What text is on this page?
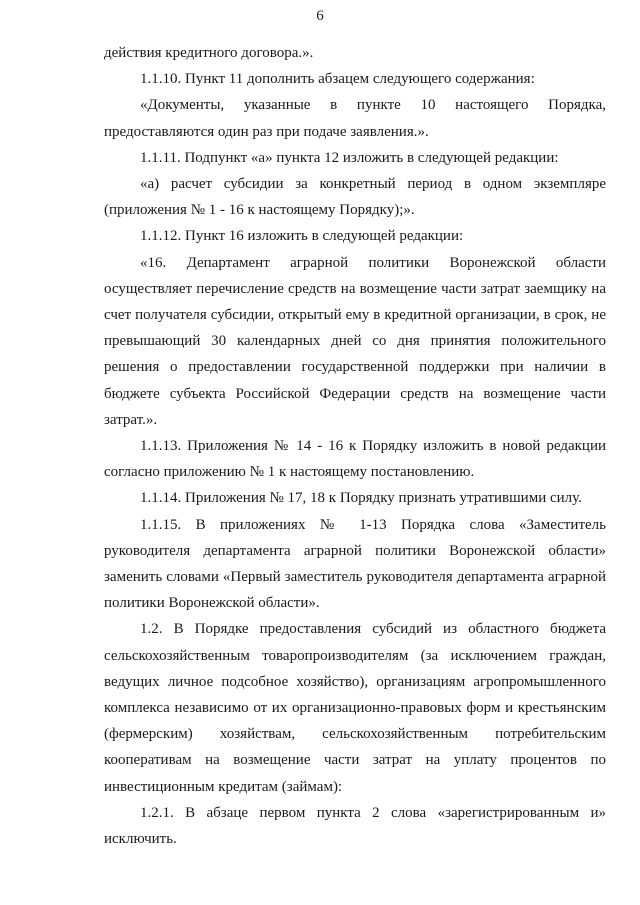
6

действия кредитного договора.».

1.1.10. Пункт 11 дополнить абзацем следующего содержания:

«Документы, указанные в пункте 10 настоящего Порядка, предоставляются один раз при подаче заявления.».

1.1.11. Подпункт «а» пункта 12 изложить в следующей редакции:

«а) расчет субсидии за конкретный период в одном экземпляре (приложения № 1 - 16 к настоящему Порядку);».

1.1.12. Пункт 16 изложить в следующей редакции:

«16. Департамент аграрной политики Воронежской области осуществляет перечисление средств на возмещение части затрат заемщику на счет получателя субсидии, открытый ему в кредитной организации, в срок, не превышающий 30 календарных дней со дня принятия положительного решения о предоставлении государственной поддержки при наличии в бюджете субъекта Российской Федерации средств на возмещение части затрат.».

1.1.13. Приложения № 14 - 16 к Порядку изложить в новой редакции согласно приложению № 1 к настоящему постановлению.

1.1.14. Приложения № 17, 18 к Порядку признать утратившими силу.

1.1.15. В приложениях № 1-13 Порядка слова «Заместитель руководителя департамента аграрной политики Воронежской области» заменить словами «Первый заместитель руководителя департамента аграрной политики Воронежской области».

1.2. В Порядке предоставления субсидий из областного бюджета сельскохозяйственным товаропроизводителям (за исключением граждан, ведущих личное подсобное хозяйство), организациям агропромышленного комплекса независимо от их организационно-правовых форм и крестьянским (фермерским) хозяйствам, сельскохозяйственным потребительским кооперативам на возмещение части затрат на уплату процентов по инвестиционным кредитам (займам):

1.2.1. В абзаце первом пункта 2 слова «зарегистрированным и» исключить.
